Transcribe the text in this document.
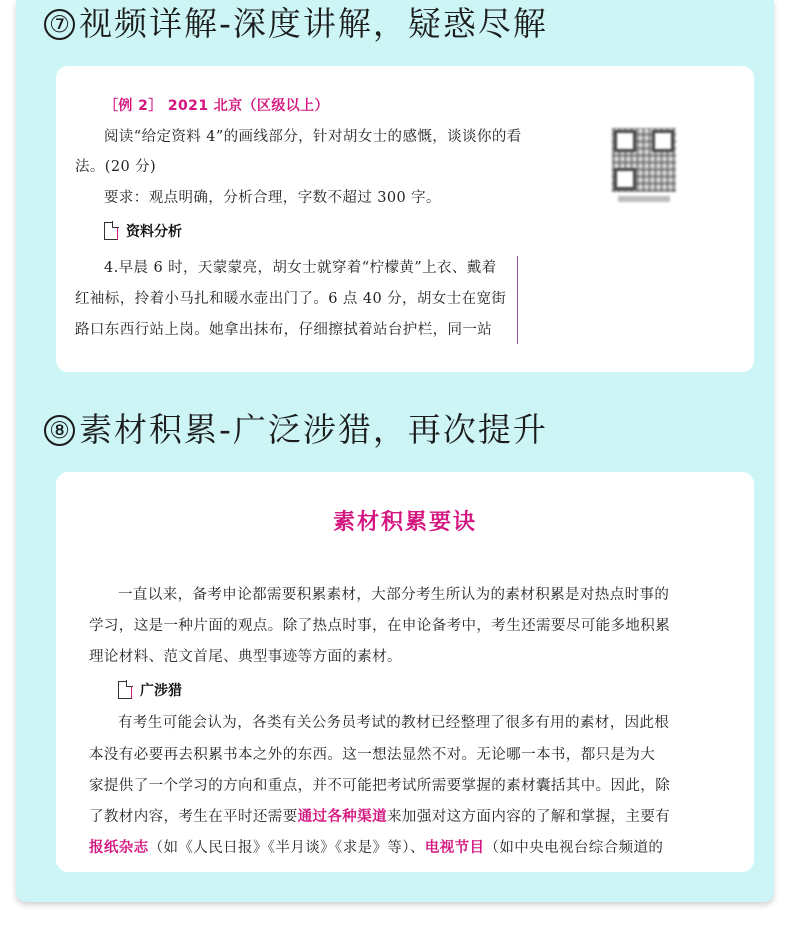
⑦ 视频详解-深度讲解，疑惑尽解
［例 2］ 2021 北京（区级以上）
阅读“给定资料 4”的画线部分，针对胡女士的感慨，谈谈你的看
法。(20 分)
要求：观点明确，分析合理，字数不超过 300 字。
资料分析
4.早晨 6 时，天蒙蒙亮，胡女士就穿着“柠檬黄”上衣、戴着
红袖标，拎着小马扎和暖水壶出门了。6 点 40 分，胡女士在宽街
路口东西行站上岗。她拿出抹布，仔细擦拭着站台护栏，同一站
⑧ 素材积累-广泛涉猎，再次提升
素材积累要诀
一直以来，备考申论都需要积累素材，大部分考生所认为的素材积累是对热点时事的
学习，这是一种片面的观点。除了热点时事，在申论备考中，考生还需要尽可能多地积累
理论材料、范文首尾、典型事迹等方面的素材。
广涉猎
有考生可能会认为，各类有关公务员考试的教材已经整理了很多有用的素材，因此根
本没有必要再去积累书本之外的东西。这一想法显然不对。无论哪一本书，都只是为大
家提供了一个学习的方向和重点，并不可能把考试所需要掌握的素材囊括其中。因此，除
了教材内容，考生在平时还需要通过各种渠道来加强对这方面内容的了解和掌握，主要有
报纸杂志（如《人民日报》《半月谈》《求是》等）、电视节目（如中央电视台综合频道的
